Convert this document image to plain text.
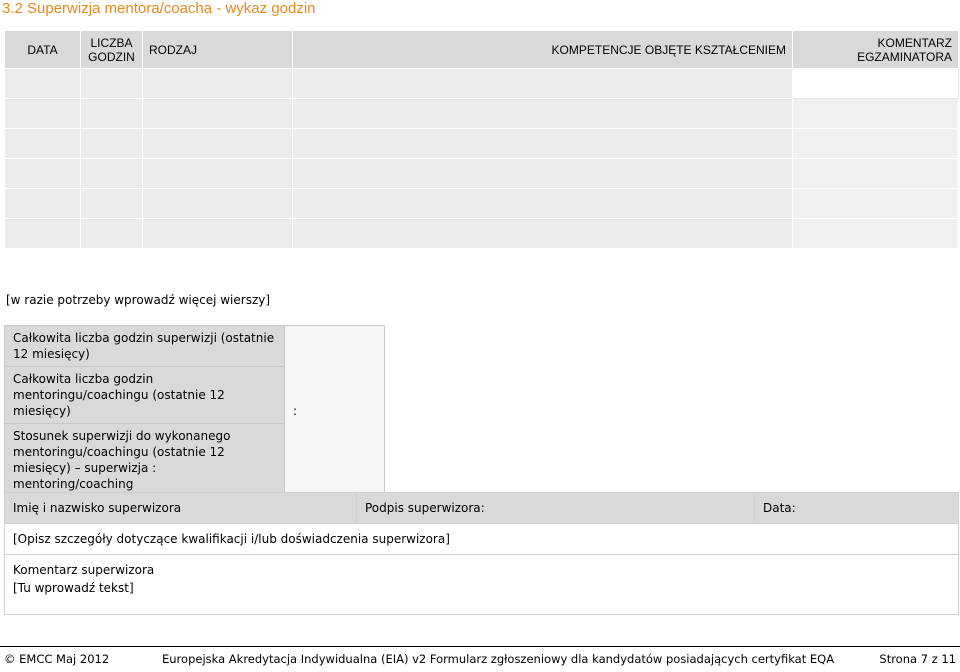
3.2 Superwizja mentora/coacha - wykaz godzin
DATA	LICZBA GODZIN	RODZAJ	KOMPETENCJE OBJĘTE KSZTAŁCENIEM	KOMENTARZ EGZAMINATORA

[w razie potrzeby wprowadź więcej wierszy]
Całkowita liczba godzin superwizji (ostatnie 12 miesięcy)	:
Całkowita liczba godzin mentoringu/coachingu (ostatnie 12 miesięcy)
Stosunek superwizji do wykonanego mentoringu/coachingu (ostatnie 12 miesięcy) – superwizja : mentoring/coaching
Imię i nazwisko superwizora	Podpis superwizora:	Data:
[Opisz szczegóły dotyczące kwalifikacji i/lub doświadczenia superwizora]

Komentarz superwizora
[Tu wprowadź tekst]
© EMCC Maj 2012	Europejska Akredytacja Indywidualna (EIA) v2 Formularz zgłoszeniowy dla kandydatów posiadających certyfikat EQA	Strona 7 z 11
